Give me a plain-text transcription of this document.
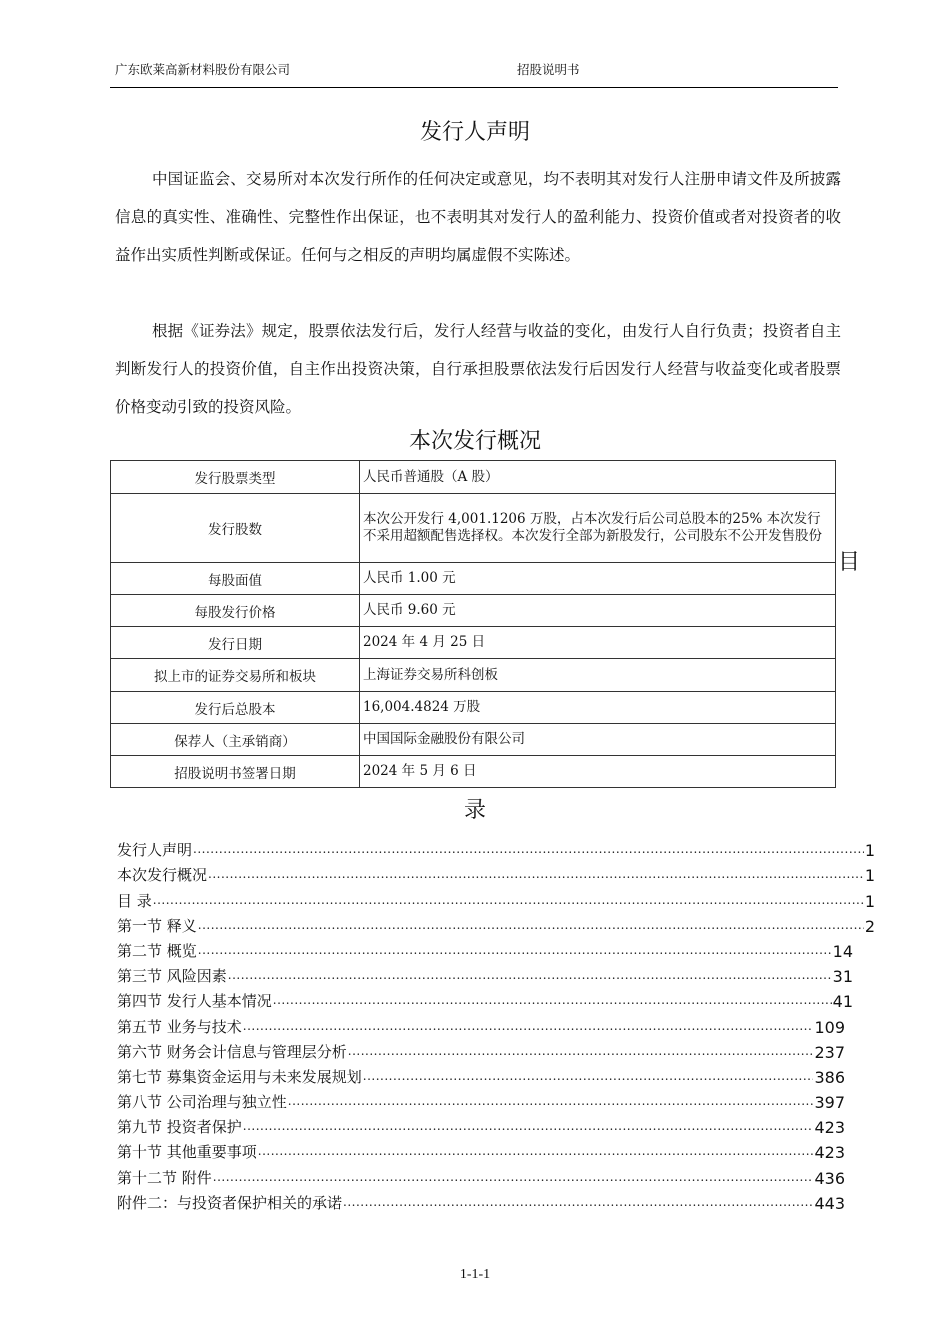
广东欧莱高新材料股份有限公司	招股说明书
发行人声明
中国证监会、交易所对本次发行所作的任何决定或意见，均不表明其对发行人注册申请文件及所披露信息的真实性、准确性、完整性作出保证，也不表明其对发行人的盈利能力、投资价值或者对投资者的收益作出实质性判断或保证。任何与之相反的声明均属虚假不实陈述。
根据《证券法》规定，股票依法发行后，发行人经营与收益的变化，由发行人自行负责；投资者自主判断发行人的投资价值，自主作出投资决策，自行承担股票依法发行后因发行人经营与收益变化或者股票价格变动引致的投资风险。
本次发行概况
发行股票类型	人民币普通股（A 股）
发行股数	本次公开发行 4,001.1206 万股，占本次发行后公司总股本的25% 本次发行不采用超额配售选择权。本次发行全部为新股发行，公司股东不公开发售股份
每股面值	人民币 1.00 元
每股发行价格	人民币 9.60 元
发行日期	2024 年 4 月 25 日
拟上市的证券交易所和板块	上海证券交易所科创板
发行后总股本	16,004.4824 万股
保荐人（主承销商）	中国国际金融股份有限公司
招股说明书签署日期	2024 年 5 月 6 日
目
录
发行人声明 .....	1
本次发行概况 .....	1
目 录 .....	1
第一节 释义 .....	2
第二节 概览 .....	14
第三节 风险因素 .....	31
第四节 发行人基本情况 .....	41
第五节 业务与技术 .....	109
第六节 财务会计信息与管理层分析 .....	237
第七节 募集资金运用与未来发展规划 .....	386
第八节 公司治理与独立性 .....	397
第九节 投资者保护 .....	423
第十节 其他重要事项 .....	423
第十二节 附件 .....	436
附件二：与投资者保护相关的承诺 .....	443
1-1-1
